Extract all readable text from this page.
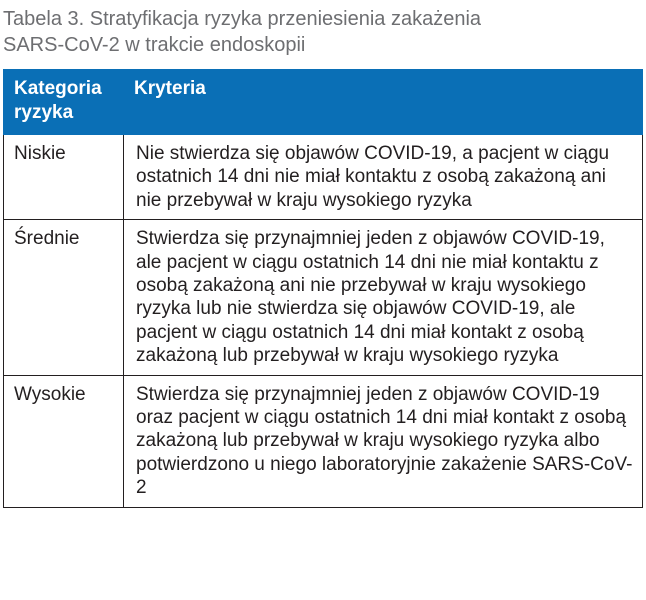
Tabela 3. Stratyfikacja ryzyka przeniesienia zakażenia
SARS-CoV-2 w trakcie endoskopii
Kategoria ryzyka	Kryteria
Niskie	Nie stwierdza się objawów COVID-19, a pacjent w ciągu ostatnich 14 dni nie miał kontaktu z osobą zakażoną ani nie przebywał w kraju wysokiego ryzyka
Średnie	Stwierdza się przynajmniej jeden z objawów COVID-19, ale pacjent w ciągu ostatnich 14 dni nie miał kontaktu z osobą zakażoną ani nie przebywał w kraju wysokiego ryzyka lub nie stwierdza się objawów COVID-19, ale pacjent w ciągu ostatnich 14 dni miał kontakt z osobą zakażoną lub przebywał w kraju wysokiego ryzyka
Wysokie	Stwierdza się przynajmniej jeden z objawów COVID-19 oraz pacjent w ciągu ostatnich 14 dni miał kontakt z osobą zakażoną lub przebywał w kraju wysokiego ryzyka albo potwierdzono u niego laboratoryjnie zakażenie SARS-CoV-2
